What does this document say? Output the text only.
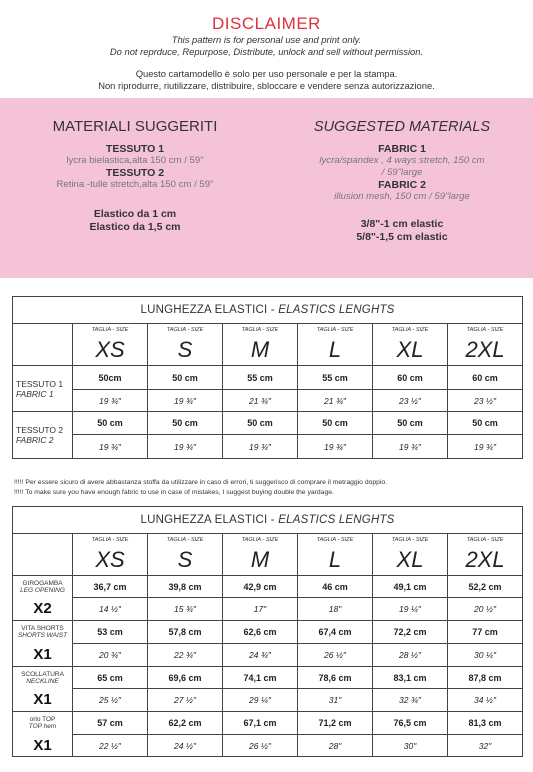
DISCLAIMER
This pattern is for personal use and print only.
Do not reprduce, Repurpose, Distribute, unlock and sell without permission.
Questo cartamodello è solo per uso personale e per la stampa.
Non riprodurre, riutilizzare, distribuire, sbloccare e vendere senza autorizzazione.
MATERIALI SUGGERITI
TESSUTO 1
lycra bielastica,alta 150 cm / 59"
TESSUTO 2
Retina -tulle stretch,alta 150 cm / 59"
Elastico da 1 cm
Elastico da 1,5 cm
SUGGESTED MATERIALS
FABRIC 1
lycra/spandex , 4 ways stretch, 150 cm
/ 59"large
FABRIC 2
illusion mesh, 150 cm / 59"large
3/8"-1 cm elastic
5/8"-1,5 cm elastic
LUNGHEZZA ELASTICI - ELASTICS LENGHTS						
	TAGLIA - SIZE	TAGLIA - SIZE	TAGLIA - SIZE	TAGLIA - SIZE	TAGLIA - SIZE	TAGLIA - SIZE
	XS	S	M	L	XL	2XL

TESSUTO 1
FABRIC 1	50cm	50 cm	55 cm	55 cm	60 cm	60 cm
	19 ¾"	19 ¾"	21 ¾"	21 ¾"	23 ½"	23 ½"

TESSUTO 2
FABRIC 2	50 cm	50 cm	50 cm	50 cm	50 cm	50 cm
	19 ¾"	19 ¾"	19 ¾"	19 ¾"	19 ¾"	19 ¾"
!!!!! Per essere sicuro di avere abbastanza stoffa da utilizzare in caso di errori, ti suggerisco di comprare il metraggio doppio.
!!!!! To make sure you have enough fabric to use in case of mistakes, I suggest buying double the yardage.
LUNGHEZZA ELASTICI - ELASTICS LENGHTS						
	TAGLIA - SIZE	TAGLIA - SIZE	TAGLIA - SIZE	TAGLIA - SIZE	TAGLIA - SIZE	TAGLIA - SIZE
	XS	S	M	L	XL	2XL

GIROGAMBA
LEG OPENING	36,7 cm	39,8 cm	42,9 cm	46 cm	49,1 cm	52,2 cm
X2	14 ½"	15 ¾"	17"	18"	19 ¼"	20 ½"

VITA SHORTS
SHORTS WAIST	53 cm	57,8 cm	62,6 cm	67,4 cm	72,2 cm	77 cm
X1	20 ¾"	22 ¾"	24 ¾"	26 ½"	28 ½"	30 ¼"

SCOLLATURA
NECKLINE	65 cm	69,6 cm	74,1 cm	78,6 cm	83,1 cm	87,8 cm
X1	25 ½"	27 ½"	29 ¼"	31"	32 ¾"	34 ½"

orlo TOP
TOP hem	57 cm	62,2 cm	67,1 cm	71,2 cm	76,5 cm	81,3 cm
X1	22 ½"	24 ½"	26 ½"	28"	30"	32"
